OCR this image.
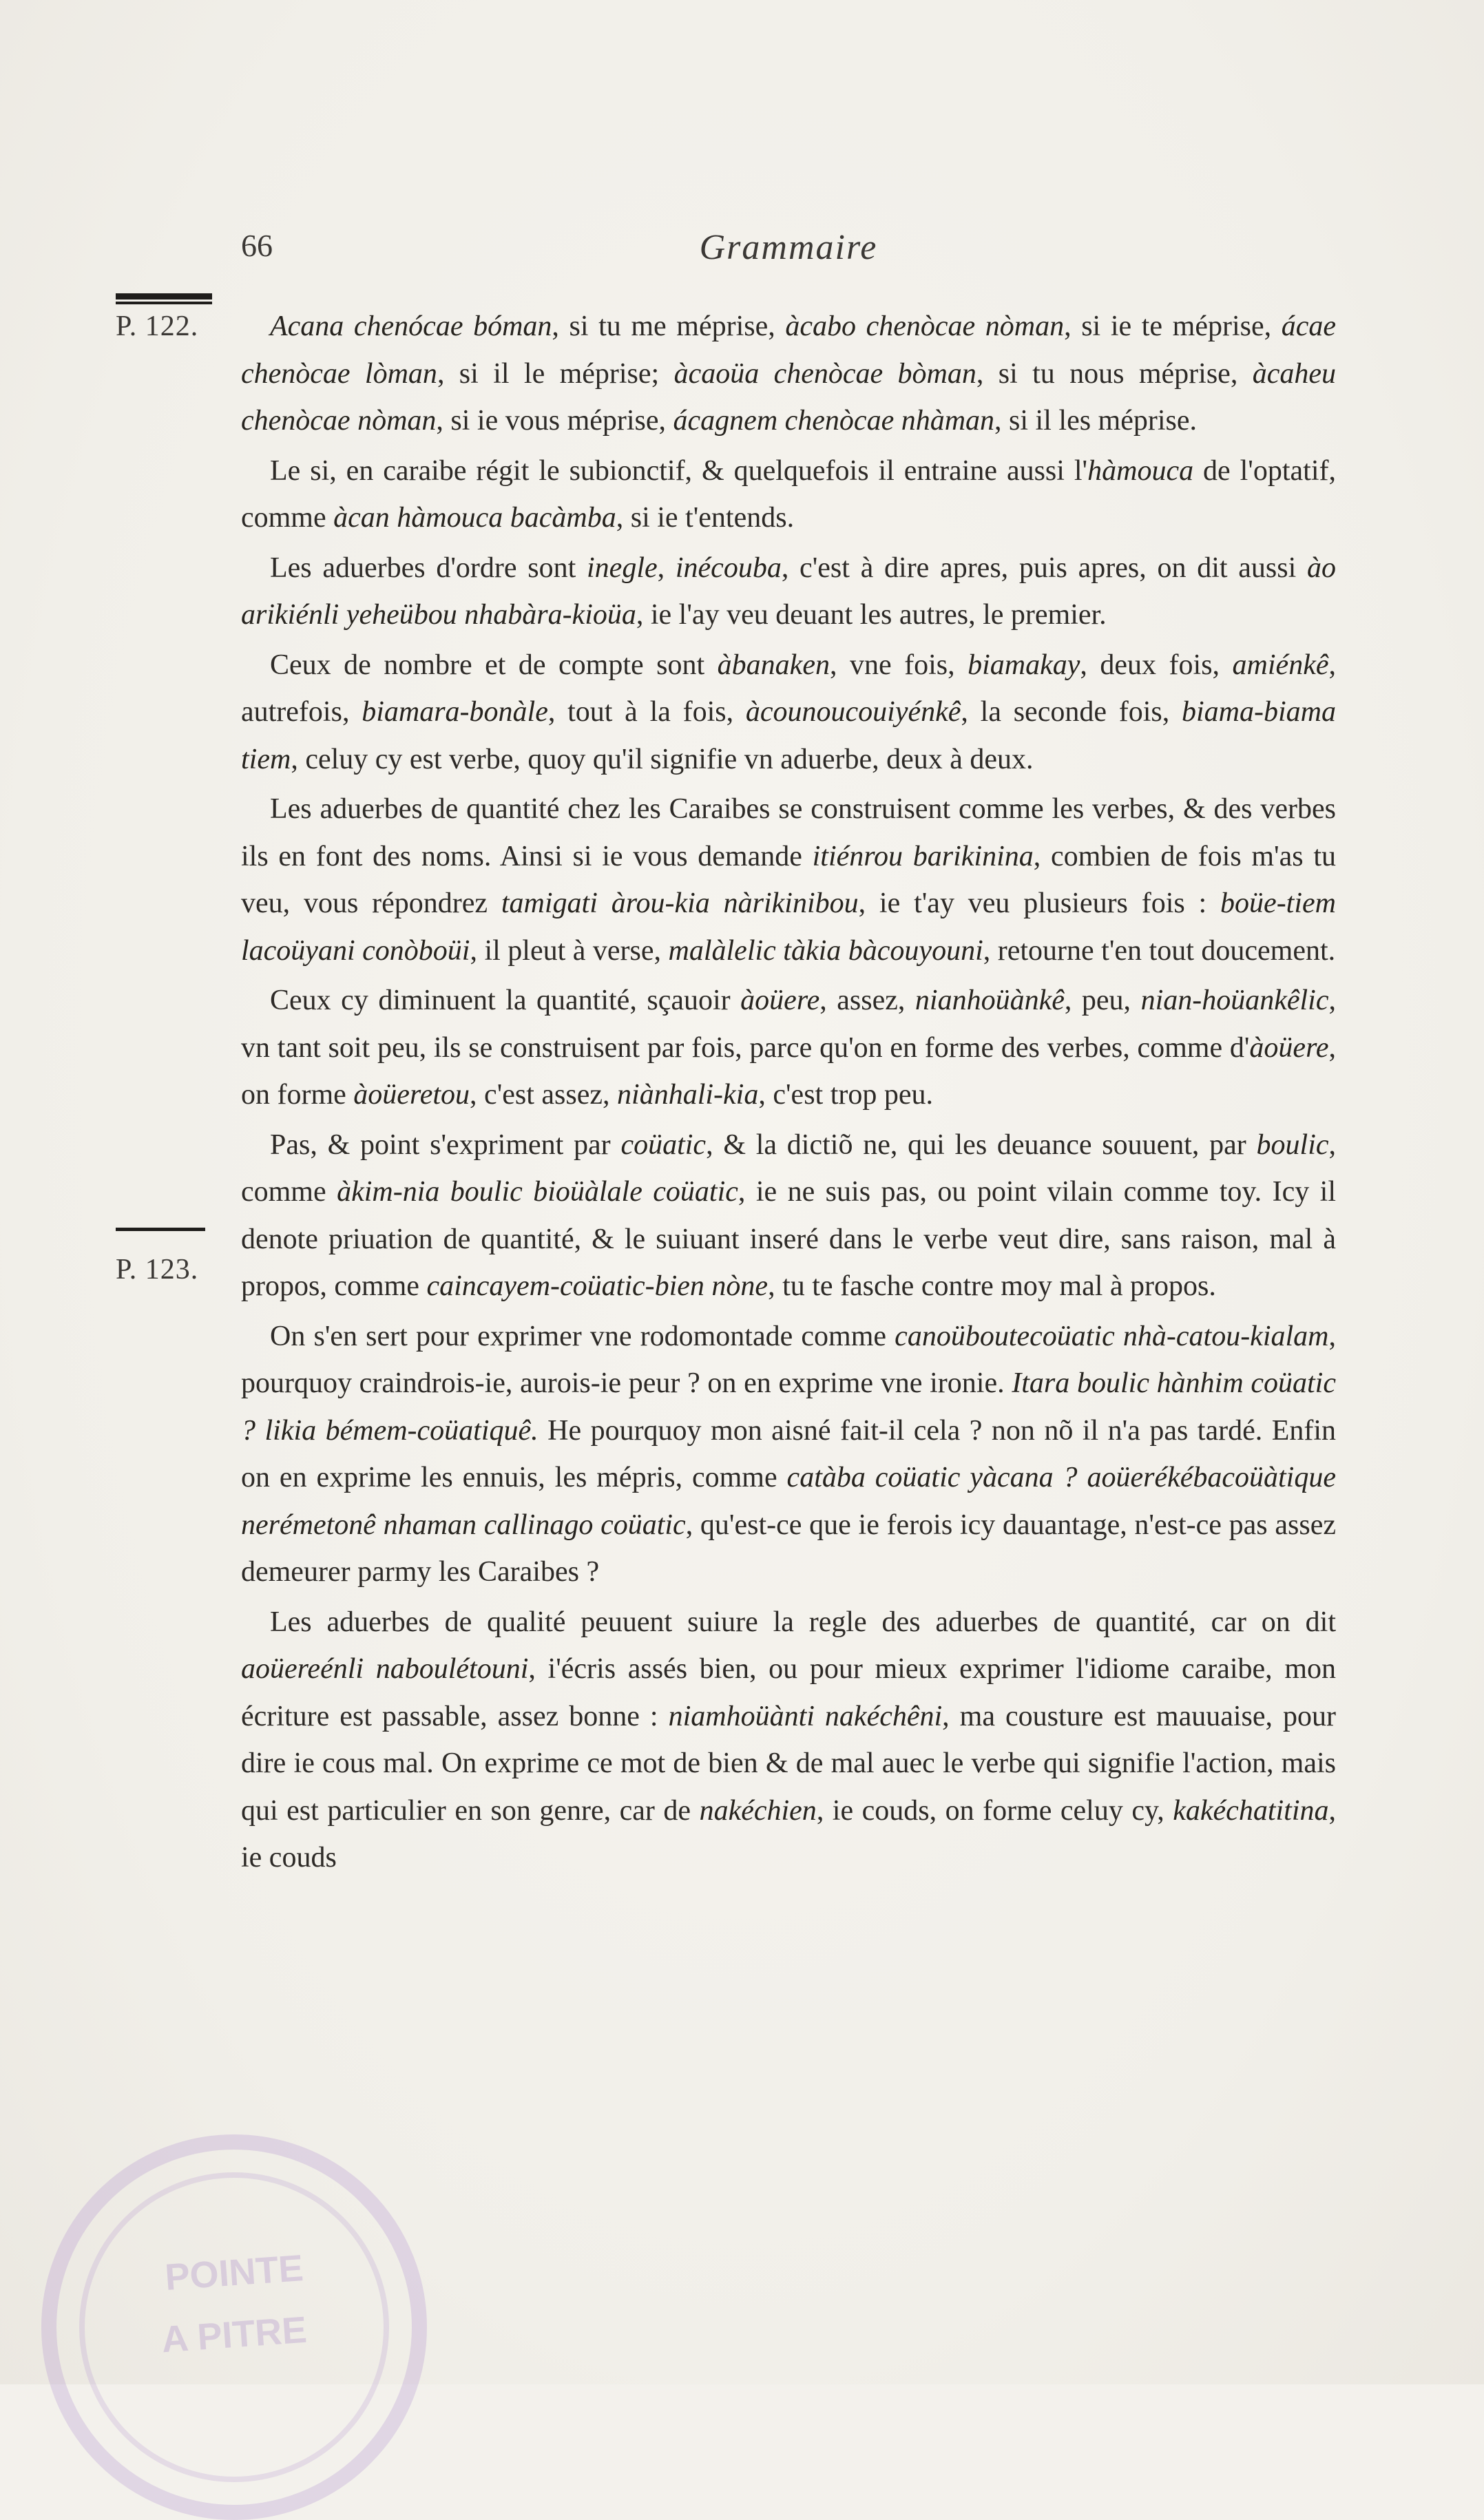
66	Grammaire
P. 122.
P. 123.

Acana chenócae bóman, si tu me méprise, àcabo chenòcae nòman, si ie te méprise, ácae chenòcae lòman, si il le méprise; àcaoüa chenòcae bòman, si tu nous méprise, àcaheu chenòcae nòman, si ie vous méprise, ácagnem chenòcae nhàman, si il les méprise.

Le si, en caraibe régit le subionctif, & quelquefois il entraine aussi l'hàmouca de l'optatif, comme àcan hàmouca bacàmba, si ie t'entends.

Les aduerbes d'ordre sont inegle, inécouba, c'est à dire apres, puis apres, on dit aussi ào arikiénli yeheübou nhabàra-kioüa, ie l'ay veu deuant les autres, le premier.

Ceux de nombre et de compte sont àbanaken, vne fois, biamakay, deux fois, amiénkê, autrefois, biamara-bonàle, tout à la fois, àcounoucouiyénkê, la seconde fois, biama-biama tiem, celuy cy est verbe, quoy qu'il signifie vn aduerbe, deux à deux.

Les aduerbes de quantité chez les Caraibes se construisent comme les verbes, & des verbes ils en font des noms. Ainsi si ie vous demande itiénrou barikinina, combien de fois m'as tu veu, vous répondrez tamigati àrou-kia nàrikinibou, ie t'ay veu plusieurs fois : boüe-tiem lacoüyani conòboüi, il pleut à verse, malàlelic tàkia bàcouyouni, retourne t'en tout doucement.

Ceux cy diminuent la quantité, sçauoir àoüere, assez, nianhoüànkê, peu, nian-hoüankêlic, vn tant soit peu, ils se construisent par fois, parce qu'on en forme des verbes, comme d'àoüere, on forme àoüeretou, c'est assez, niànhali-kia, c'est trop peu.

Pas, & point s'expriment par coüatic, & la dictiõ ne, qui les deuance souuent, par boulic, comme àkim-nia boulic bioüàlale coüatic, ie ne suis pas, ou point vilain comme toy. Icy il denote priuation de quantité, & le suiuant inseré dans le verbe veut dire, sans raison, mal à propos, comme caincayem-coüatic-bien nòne, tu te fasche contre moy mal à propos.

On s'en sert pour exprimer vne rodomontade comme canoüboutecoüatic nhà-catou-kialam, pourquoy craindrois-ie, aurois-ie peur ? on en exprime vne ironie. Itara boulic hànhim coüatic ? likia bémem-coüatiquê. He pourquoy mon aisné fait-il cela ? non nõ il n'a pas tardé. Enfin on en exprime les ennuis, les mépris, comme catàba coüatic yàcana ? aoüerékébacoüàtique nerémetonê nhaman callinago coüatic, qu'est-ce que ie ferois icy dauantage, n'est-ce pas assez demeurer parmy les Caraibes ?

Les aduerbes de qualité peuuent suiure la regle des aduerbes de quantité, car on dit aoüereénli naboulétouni, i'écris assés bien, ou pour mieux exprimer l'idiome caraibe, mon écriture est passable, assez bonne : niamhoüànti nakéchêni, ma cousture est mauuaise, pour dire ie cous mal. On exprime ce mot de bien & de mal auec le verbe qui signifie l'action, mais qui est particulier en son genre, car de nakéchien, ie couds, on forme celuy cy, kakéchatitina, ie couds

POINTE
A PITRE
